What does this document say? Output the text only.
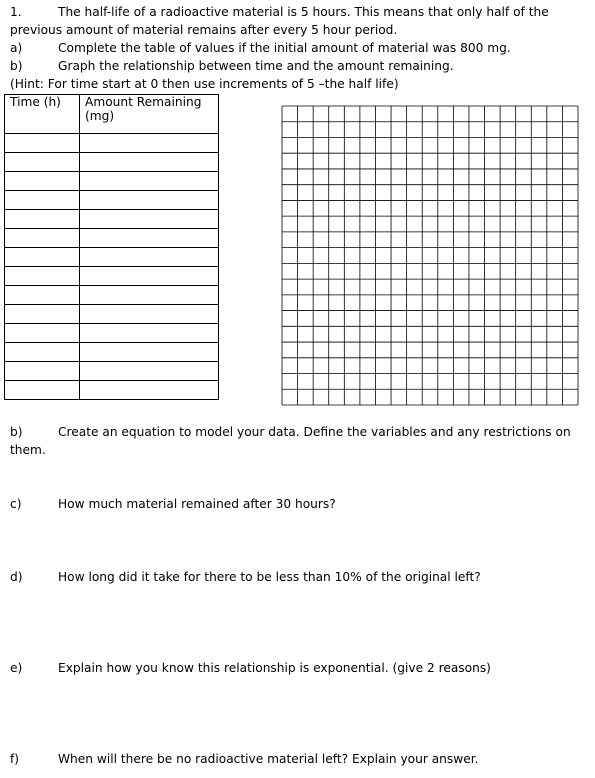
1.	The half-life of a radioactive material is 5 hours. This means that only half of the
previous amount of material remains after every 5 hour period.
a)	Complete the table of values if the initial amount of material was 800 mg.
b)	Graph the relationship between time and the amount remaining.
(Hint: For time start at 0 then use increments of 5 –the half life)
Time (h)	Amount Remaining
(mg)

b)	Create an equation to model your data. Define the variables and any restrictions on
them.
c)	How much material remained after 30 hours?
d)	How long did it take for there to be less than 10% of the original left?
e)	Explain how you know this relationship is exponential. (give 2 reasons)
f)	When will there be no radioactive material left? Explain your answer.
